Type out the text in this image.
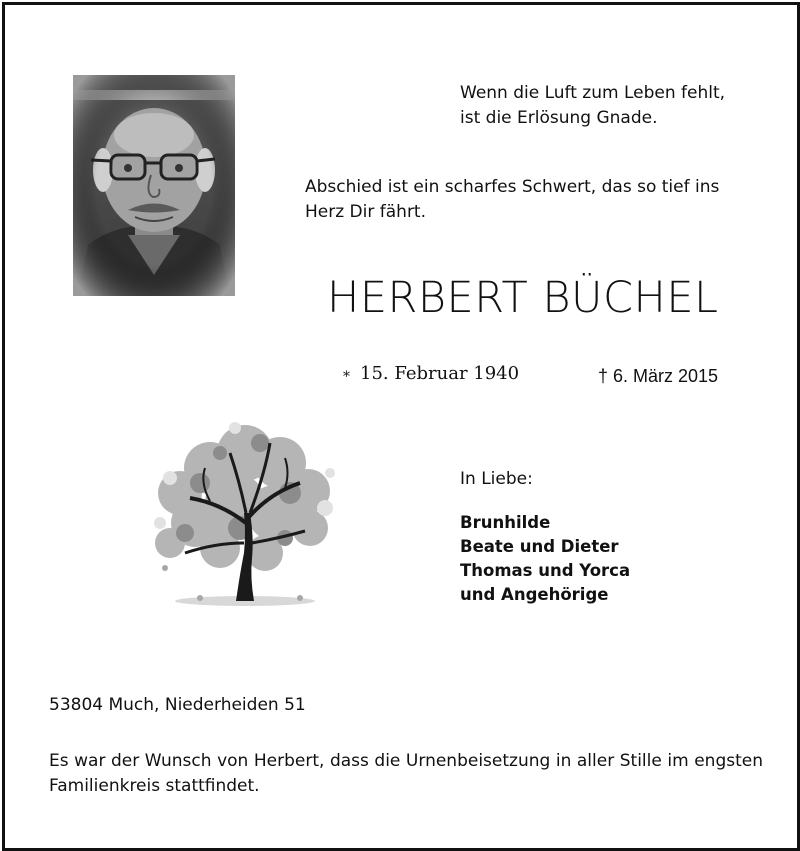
Wenn die Luft zum Leben fehlt,
ist die Erlösung Gnade.
Abschied ist ein scharfes Schwert, das so tief ins
Herz Dir fährt.
HERBERT BÜCHEL
* 15. Februar 1940	† 6. März 2015
In Liebe:
Brunhilde
Beate und Dieter
Thomas und Yorca
und Angehörige
53804 Much, Niederheiden 51
Es war der Wunsch von Herbert, dass die Urnenbeisetzung in aller Stille im engsten Familienkreis stattfindet.
